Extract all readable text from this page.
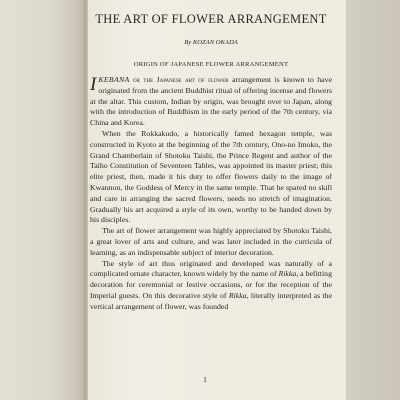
THE ART OF FLOWER ARRANGEMENT
By KOZAN OKADA
ORIGIN OF JAPANESE FLOWER ARRANGEMENT

IKEBANA or the Japanese art of flower arrangement is known to have originated from the ancient Buddhist ritual of offering incense and flowers at the altar. This custom, Indian by origin, was brought over to Japan, along with the introduction of Buddhism in the early period of the 7th century, via China and Korea.

When the Rokkakudo, a historically famed hexagon temple, was constructed in Kyoto at the beginning of the 7th century, Ono-no Imoko, the Grand Chamberlain of Shotoku Taishi, the Prince Regent and author of the Taiho Constitution of Seventeen Tables, was appointed its master priest; this elite priest, then, made it his duty to offer flowers daily to the image of Kwannon, the Goddess of Mercy in the same temple. That he spared no skill and care in arranging the sacred flowers, needs no stretch of imagination. Gradually his art acquired a style of its own, worthy to be handed down by his disciples.

The art of flower arrangement was highly appreciated by Shotoku Taishi, a great lover of arts and culture, and was later included in the curricula of learning, as an indispensable subject of interior decoration.

The style of art thus originated and developed was naturally of a complicated ornate character, known widely by the name of Rikka, a befitting decoration for ceremonial or festive occasions, or for the reception of the Imperial guests. On this decorative style of Rikka, literally interpreted as the vertical arrangement of flower, was founded

1
